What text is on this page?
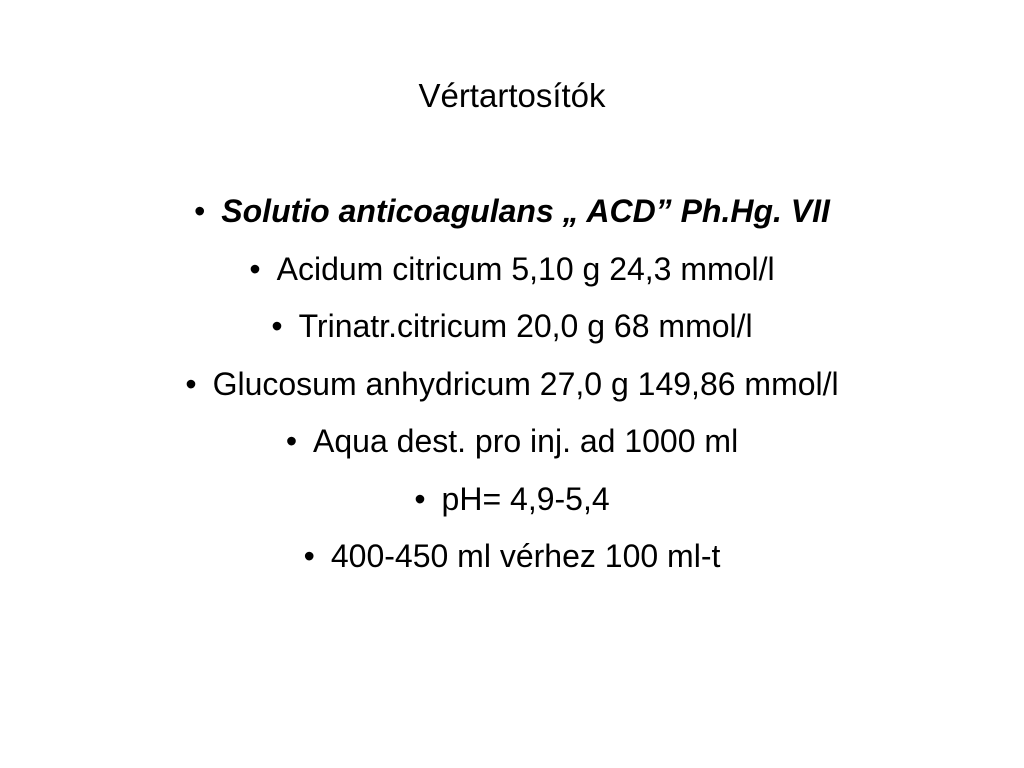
Vértartosítók
• Solutio anticoagulans „ ACD” Ph.Hg. VII
• Acidum citricum 5,10 g 24,3 mmol/l
• Trinatr.citricum 20,0 g 68 mmol/l
• Glucosum anhydricum 27,0 g 149,86 mmol/l
• Aqua dest. pro inj. ad 1000 ml
• pH= 4,9-5,4
• 400-450 ml vérhez 100 ml-t
